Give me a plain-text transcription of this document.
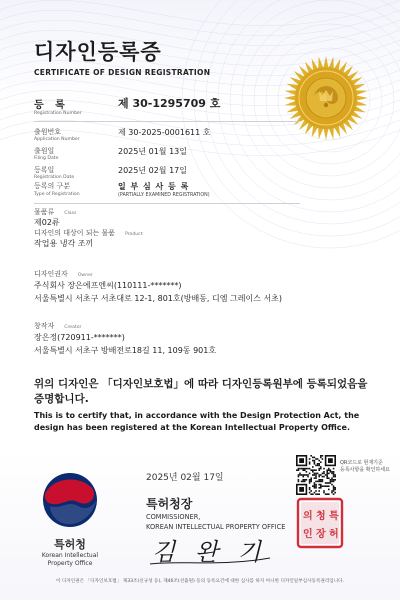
디자인등록증
CERTIFICATE OF DESIGN REGISTRATION
등 록
Registration Number
제 30-1295709 호
출원번호
Application Number
제 30-2025-0001611 호
출원일
Filing Date
2025년 01월 13일
등록일
Registration Date
2025년 02월 17일
등록의 구분
Type of Registration
일 부 심 사 등 록
(PARTIALLY EXAMINED REGISTRATION)
물품류 Class
제02류
디자인의 대상이 되는 물품 Product
작업용 냉각 조끼
디자인권자 Owner
주식회사 장은에프엔씨(110111-*******)
서울특별시 서초구 서초대로 12-1, 801호(방배동, 디엠 그레이스 서초)
창작자 Creator
장은정(720911-*******)
서울특별시 서초구 방배전로18길 11, 109동 901호
위의 디자인은 「디자인보호법」에 따라 디자인등록원부에 등록되었음을 증명합니다.
This is to certify that, in accordance with the Design Protection Act, the design has been registered at the Korean Intellectual Property Office.
특허청
Korean Intellectual
Property Office
2025년 02월 17일
특허청장
COMMISSIONER,
KOREAN INTELLECTUAL PROPERTY OFFICE
김 완 기
QR코드로 현재기준
등록사항을 확인하세요
특
허
청
장
의
인
이 디자인권은 「디자인보호법」 제33조(신규성 등), 제46조(선출원) 등의 등록요건에 대한 심사를 하지 아니한 디자인일부심사등록권리입니다.
